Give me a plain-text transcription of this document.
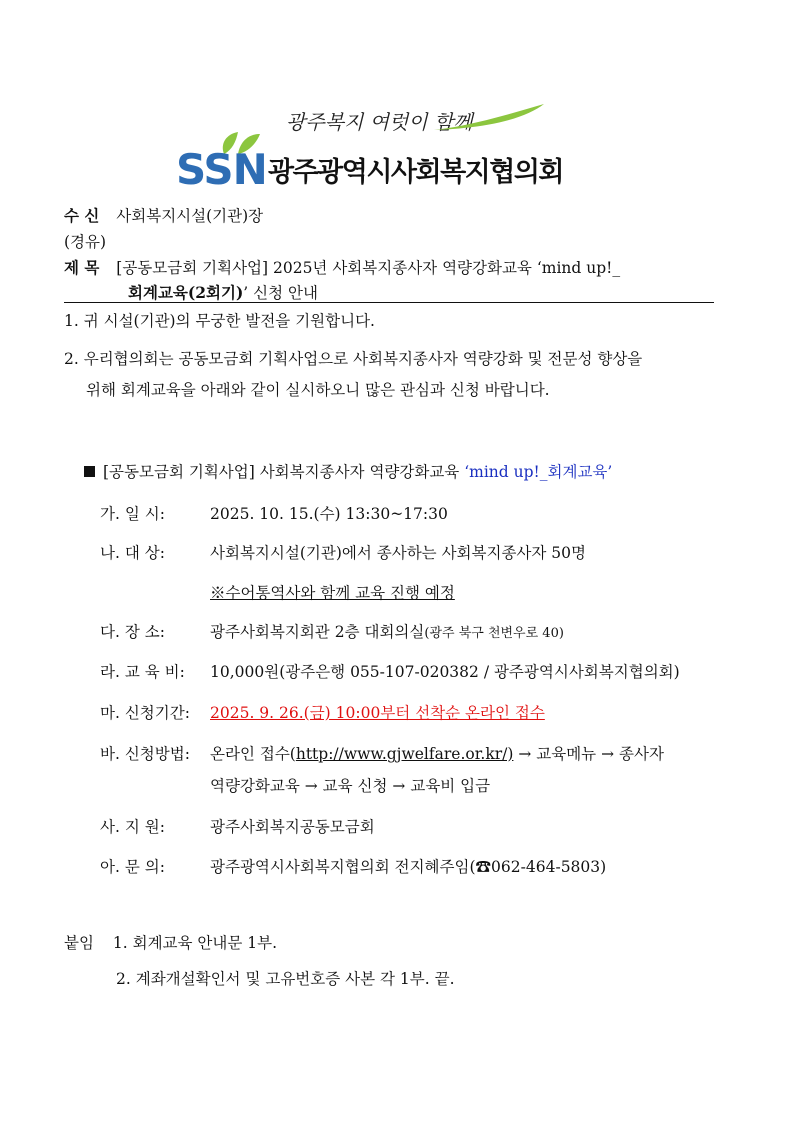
광주복지 여럿이 함께
SSN 광주광역시사회복지협의회
수 신 사회복지시설(기관)장
(경유)
제 목 [공동모금회 기획사업] 2025년 사회복지종사자 역량강화교육 ‘mind up!_
회계교육(2회기)’ 신청 안내
1. 귀 시설(기관)의 무궁한 발전을 기원합니다.
2. 우리협의회는 공동모금회 기획사업으로 사회복지종사자 역량강화 및 전문성 향상을
위해 회계교육을 아래와 같이 실시하오니 많은 관심과 신청 바랍니다.
[공동모금회 기획사업] 사회복지종사자 역량강화교육 ‘mind up!_회계교육’
가. 일 시:	2025. 10. 15.(수) 13:30~17:30
나. 대 상:	사회복지시설(기관)에서 종사하는 사회복지종사자 50명
※수어통역사와 함께 교육 진행 예정
다. 장 소:	광주사회복지회관 2층 대회의실(광주 북구 천변우로 40)
라. 교 육 비: 10,000원(광주은행 055-107-020382 / 광주광역시사회복지협의회)
마. 신청기간: 2025. 9. 26.(금) 10:00부터 선착순 온라인 접수
바. 신청방법: 온라인 접수(http://www.gjwelfare.or.kr/) → 교육메뉴 → 종사자
역량강화교육 → 교육 신청 → 교육비 입금
사. 지 원:	광주사회복지공동모금회
아. 문 의:	광주광역시사회복지협의회 전지혜주임(☎062-464-5803)
붙임 1. 회계교육 안내문 1부.
2. 계좌개설확인서 및 고유번호증 사본 각 1부. 끝.
